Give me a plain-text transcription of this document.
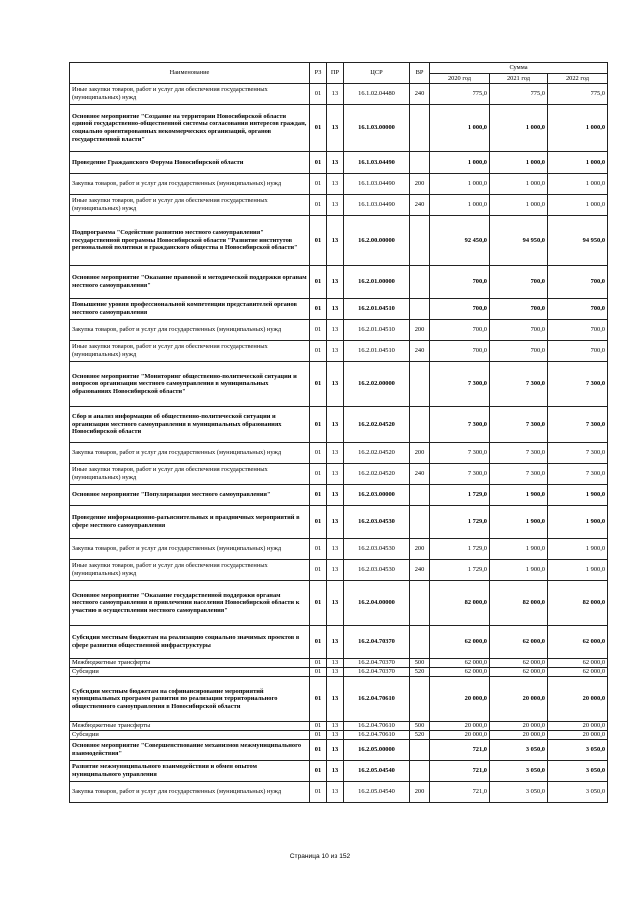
Наименование	РЗ	ПР	ЦСР	ВР	Сумма		
					2020 год	2021 год	2022 год
Иные закупки товаров, работ и услуг для обеспечения государственных (муниципальных) нужд	01	13	16.1.02.04480	240	775,0	775,0	775,0
Основное мероприятие "Создание на территории Новосибирской области единой государственно-общественной системы согласования интересов граждан, социально ориентированных некоммерческих организаций, органов государственной власти"	01	13	16.1.03.00000		1 000,0	1 000,0	1 000,0
Проведение Гражданского Форума Новосибирской области	01	13	16.1.03.04490		1 000,0	1 000,0	1 000,0
Закупка товаров, работ и услуг для государственных (муниципальных) нужд	01	13	16.1.03.04490	200	1 000,0	1 000,0	1 000,0
Иные закупки товаров, работ и услуг для обеспечения государственных (муниципальных) нужд	01	13	16.1.03.04490	240	1 000,0	1 000,0	1 000,0
Подпрограмма "Содействие развитию местного самоуправления" государственной программы Новосибирской области "Развитие институтов региональной политики и гражданского общества в Новосибирской области"	01	13	16.2.00.00000		92 450,0	94 950,0	94 950,0
Основное мероприятие "Оказание правовой и методической поддержки органам местного самоуправления"	01	13	16.2.01.00000		700,0	700,0	700,0
Повышение уровня профессиональной компетенции представителей органов местного самоуправления	01	13	16.2.01.04510		700,0	700,0	700,0
Закупка товаров, работ и услуг для государственных (муниципальных) нужд	01	13	16.2.01.04510	200	700,0	700,0	700,0
Иные закупки товаров, работ и услуг для обеспечения государственных (муниципальных) нужд	01	13	16.2.01.04510	240	700,0	700,0	700,0
Основное мероприятие "Мониторинг общественно-политической ситуации и вопросов организации местного самоуправления в муниципальных образованиях Новосибирской области"	01	13	16.2.02.00000		7 300,0	7 300,0	7 300,0
Сбор и анализ информации об общественно-политической ситуации и организации местного самоуправления в муниципальных образованиях Новосибирской области	01	13	16.2.02.04520		7 300,0	7 300,0	7 300,0
Закупка товаров, работ и услуг для государственных (муниципальных) нужд	01	13	16.2.02.04520	200	7 300,0	7 300,0	7 300,0
Иные закупки товаров, работ и услуг для обеспечения государственных (муниципальных) нужд	01	13	16.2.02.04520	240	7 300,0	7 300,0	7 300,0
Основное мероприятие "Популяризация местного самоуправления"	01	13	16.2.03.00000		1 729,0	1 900,0	1 900,0
Проведение информационно-разъяснительных и праздничных мероприятий в сфере местного самоуправления	01	13	16.2.03.04530		1 729,0	1 900,0	1 900,0
Закупка товаров, работ и услуг для государственных (муниципальных) нужд	01	13	16.2.03.04530	200	1 729,0	1 900,0	1 900,0
Иные закупки товаров, работ и услуг для обеспечения государственных (муниципальных) нужд	01	13	16.2.03.04530	240	1 729,0	1 900,0	1 900,0
Основное мероприятие "Оказание государственной поддержки органам местного самоуправления в привлечении населения Новосибирской области к участию в осуществлении местного самоуправления"	01	13	16.2.04.00000		82 000,0	82 000,0	82 000,0
Субсидии местным бюджетам на реализацию социально значимых проектов в сфере развития общественной инфраструктуры	01	13	16.2.04.70370		62 000,0	62 000,0	62 000,0
Межбюджетные трансферты	01	13	16.2.04.70370	500	62 000,0	62 000,0	62 000,0
Субсидии	01	13	16.2.04.70370	520	62 000,0	62 000,0	62 000,0
Субсидии местным бюджетам на софинансирование мероприятий муниципальных программ развития по реализации территориального общественного самоуправления в Новосибирской области	01	13	16.2.04.70610		20 000,0	20 000,0	20 000,0
Межбюджетные трансферты	01	13	16.2.04.70610	500	20 000,0	20 000,0	20 000,0
Субсидии	01	13	16.2.04.70610	520	20 000,0	20 000,0	20 000,0
Основное мероприятие "Совершенствование механизмов межмуниципального взаимодействия"	01	13	16.2.05.00000		721,0	3 050,0	3 050,0
Развитие межмуниципального взаимодействия и обмен опытом муниципального управления	01	13	16.2.05.04540		721,0	3 050,0	3 050,0
Закупка товаров, работ и услуг для государственных (муниципальных) нужд	01	13	16.2.05.04540	200	721,0	3 050,0	3 050,0
Страница 10 из 152
